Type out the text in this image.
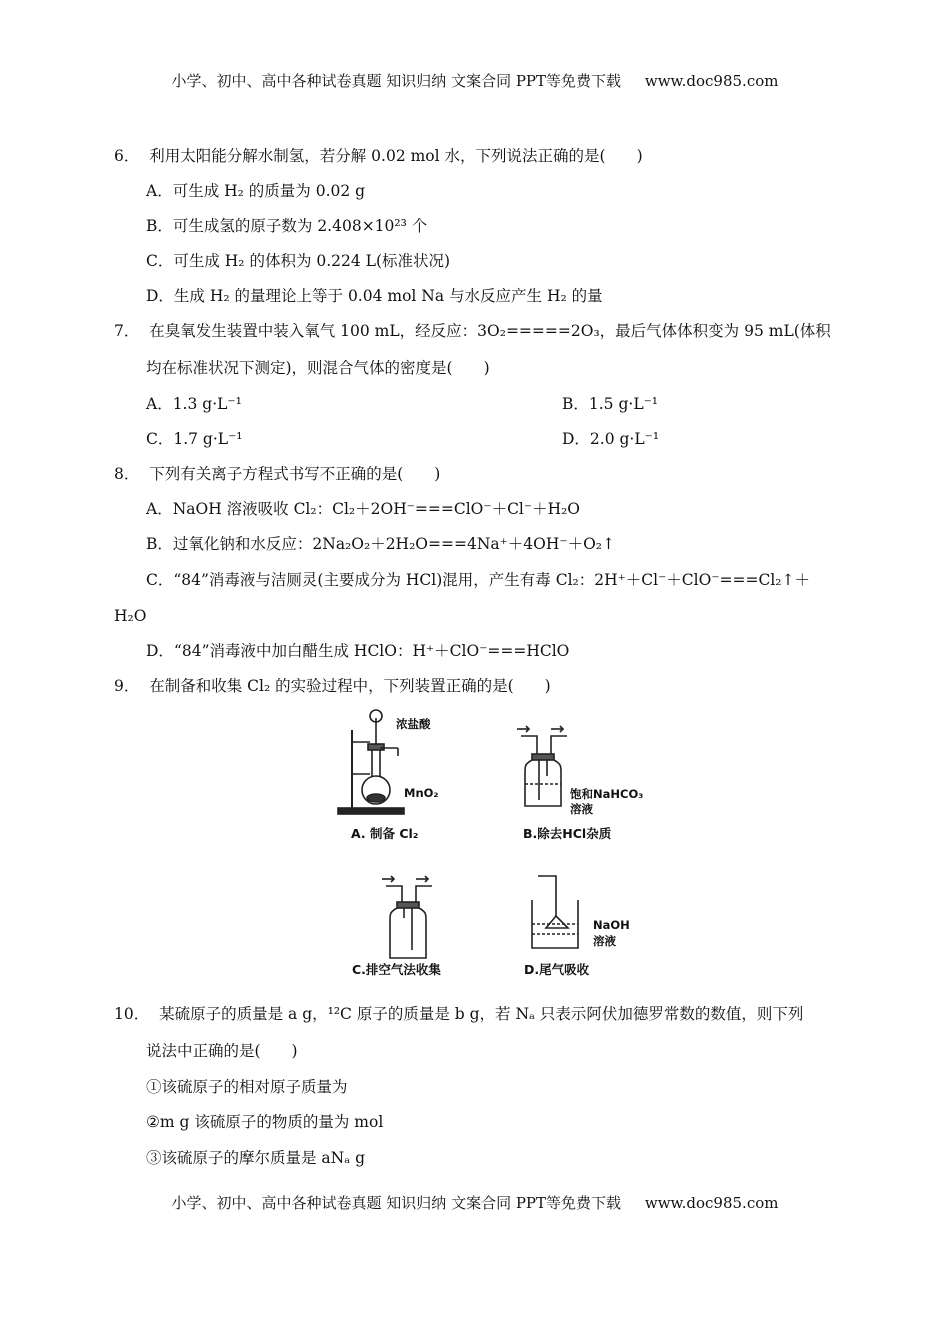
小学、初中、高中各种试卷真题 知识归纳 文案合同 PPT等免费下载 www.doc985.com
6． 利用太阳能分解水制氢，若分解 0.02 mol 水，下列说法正确的是(　　)
A．可生成 H₂ 的质量为 0.02 g
B．可生成氢的原子数为 2.408×10²³ 个
C．可生成 H₂ 的体积为 0.224 L(标准状况)
D．生成 H₂ 的量理论上等于 0.04 mol Na 与水反应产生 H₂ 的量
7． 在臭氧发生装置中装入氧气 100 mL，经反应：3O₂=====2O₃，最后气体体积变为 95 mL(体积
均在标准状况下测定)，则混合气体的密度是(　　)
A．1.3 g·L⁻¹	B．1.5 g·L⁻¹
C．1.7 g·L⁻¹	D．2.0 g·L⁻¹
8． 下列有关离子方程式书写不正确的是(　　)
A．NaOH 溶液吸收 Cl₂：Cl₂＋2OH⁻===ClO⁻＋Cl⁻＋H₂O
B．过氧化钠和水反应：2Na₂O₂＋2H₂O===4Na⁺＋4OH⁻＋O₂↑
C．“84”消毒液与洁厕灵(主要成分为 HCl)混用，产生有毒 Cl₂：2H⁺＋Cl⁻＋ClO⁻===Cl₂↑＋
H₂O
D．“84”消毒液中加白醋生成 HClO：H⁺＋ClO⁻===HClO
9． 在制备和收集 Cl₂ 的实验过程中，下列装置正确的是(　　)
浓盐酸
MnO₂
A. 制备 Cl₂
饱和NaHCO₃
溶液
B.除去HCl杂质
C.排空气法收集
NaOH
溶液
D.尾气吸收
10． 某硫原子的质量是 a g，¹²C 原子的质量是 b g，若 Nₐ 只表示阿伏加德罗常数的数值，则下列
说法中正确的是(　　)
①该硫原子的相对原子质量为
②m g 该硫原子的物质的量为 mol
③该硫原子的摩尔质量是 aNₐ g
小学、初中、高中各种试卷真题 知识归纳 文案合同 PPT等免费下载 www.doc985.com
